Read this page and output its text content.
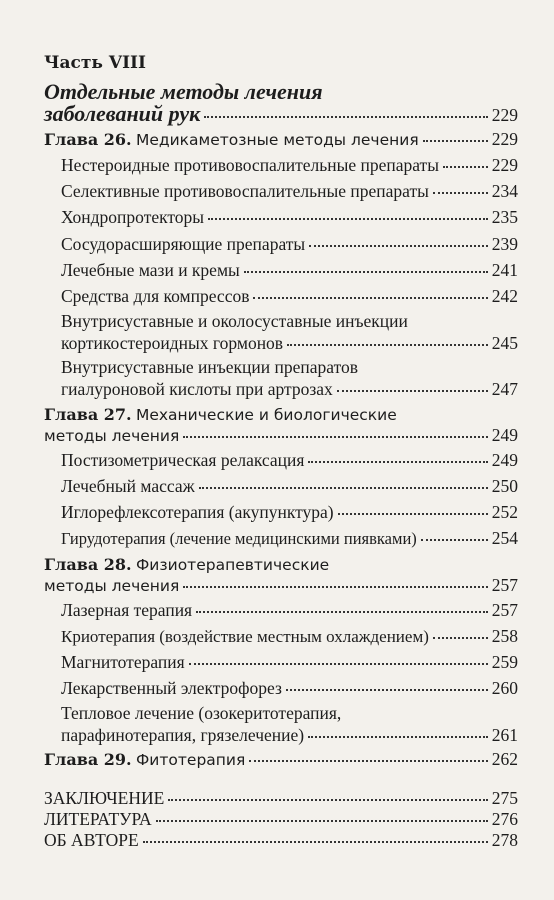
Часть VIII
Отдельные методы лечения
заболеваний рук	229
Глава 26. Медикаметозные методы лечения	229
Нестероидные противовоспалительные препараты	229
Селективные противовоспалительные препараты	234
Хондропротекторы	235
Сосудорасширяющие препараты	239
Лечебные мази и кремы	241
Средства для компрессов	242
Внутрисуставные и околосуставные инъекции
кортикостероидных гормонов	245
Внутрисуставные инъекции препаратов
гиалуроновой кислоты при артрозах	247
Глава 27. Механические и биологические
методы лечения	249
Постизометрическая релаксация	249
Лечебный массаж	250
Иглорефлексотерапия (акупунктура)	252
Гирудотерапия (лечение медицинскими пиявками)	254
Глава 28. Физиотерапевтические
методы лечения	257
Лазерная терапия	257
Криотерапия (воздействие местным охлаждением)	258
Магнитотерапия	259
Лекарственный электрофорез	260
Тепловое лечение (озокеритотерапия,
парафинотерапия, грязелечение)	261
Глава 29. Фитотерапия	262
ЗАКЛЮЧЕНИЕ	275
ЛИТЕРАТУРА	276
ОБ АВТОРЕ	278
